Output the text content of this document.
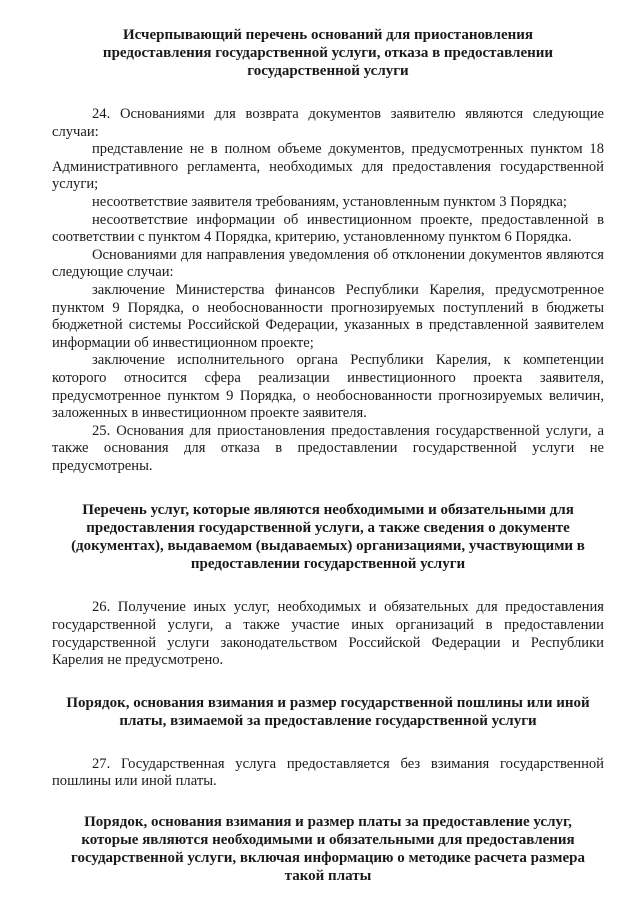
Исчерпывающий перечень оснований для приостановления
предоставления государственной услуги, отказа в предоставлении
государственной услуги

24. Основаниями для возврата документов заявителю являются следующие случаи:

представление не в полном объеме документов, предусмотренных пунктом 18 Административного регламента, необходимых для предоставления государственной услуги;

несоответствие заявителя требованиям, установленным пунктом 3 Порядка;

несоответствие информации об инвестиционном проекте, предоставленной в соответствии с пунктом 4 Порядка, критерию, установленному пунктом 6 Порядка.

Основаниями для направления уведомления об отклонении документов являются следующие случаи:

заключение Министерства финансов Республики Карелия, предусмотренное пунктом 9 Порядка, о необоснованности прогнозируемых поступлений в бюджеты бюджетной системы Российской Федерации, указанных в представленной заявителем информации об инвестиционном проекте;

заключение исполнительного органа Республики Карелия, к компетенции которого относится сфера реализации инвестиционного проекта заявителя, предусмотренное пунктом 9 Порядка, о необоснованности прогнозируемых величин, заложенных в инвестиционном проекте заявителя.

25. Основания для приостановления предоставления государственной услуги, а также основания для отказа в предоставлении государственной услуги не предусмотрены.

Перечень услуг, которые являются необходимыми и обязательными для
предоставления государственной услуги, а также сведения о документе
(документах), выдаваемом (выдаваемых) организациями, участвующими в
предоставлении государственной услуги

26. Получение иных услуг, необходимых и обязательных для предоставления государственной услуги, а также участие иных организаций в предоставлении государственной услуги законодательством Российской Федерации и Республики Карелия не предусмотрено.

Порядок, основания взимания и размер государственной пошлины или иной
платы, взимаемой за предоставление государственной услуги

27. Государственная услуга предоставляется без взимания государственной пошлины или иной платы.

Порядок, основания взимания и размер платы за предоставление услуг,
которые являются необходимыми и обязательными для предоставления
государственной услуги, включая информацию о методике расчета размера
такой платы
